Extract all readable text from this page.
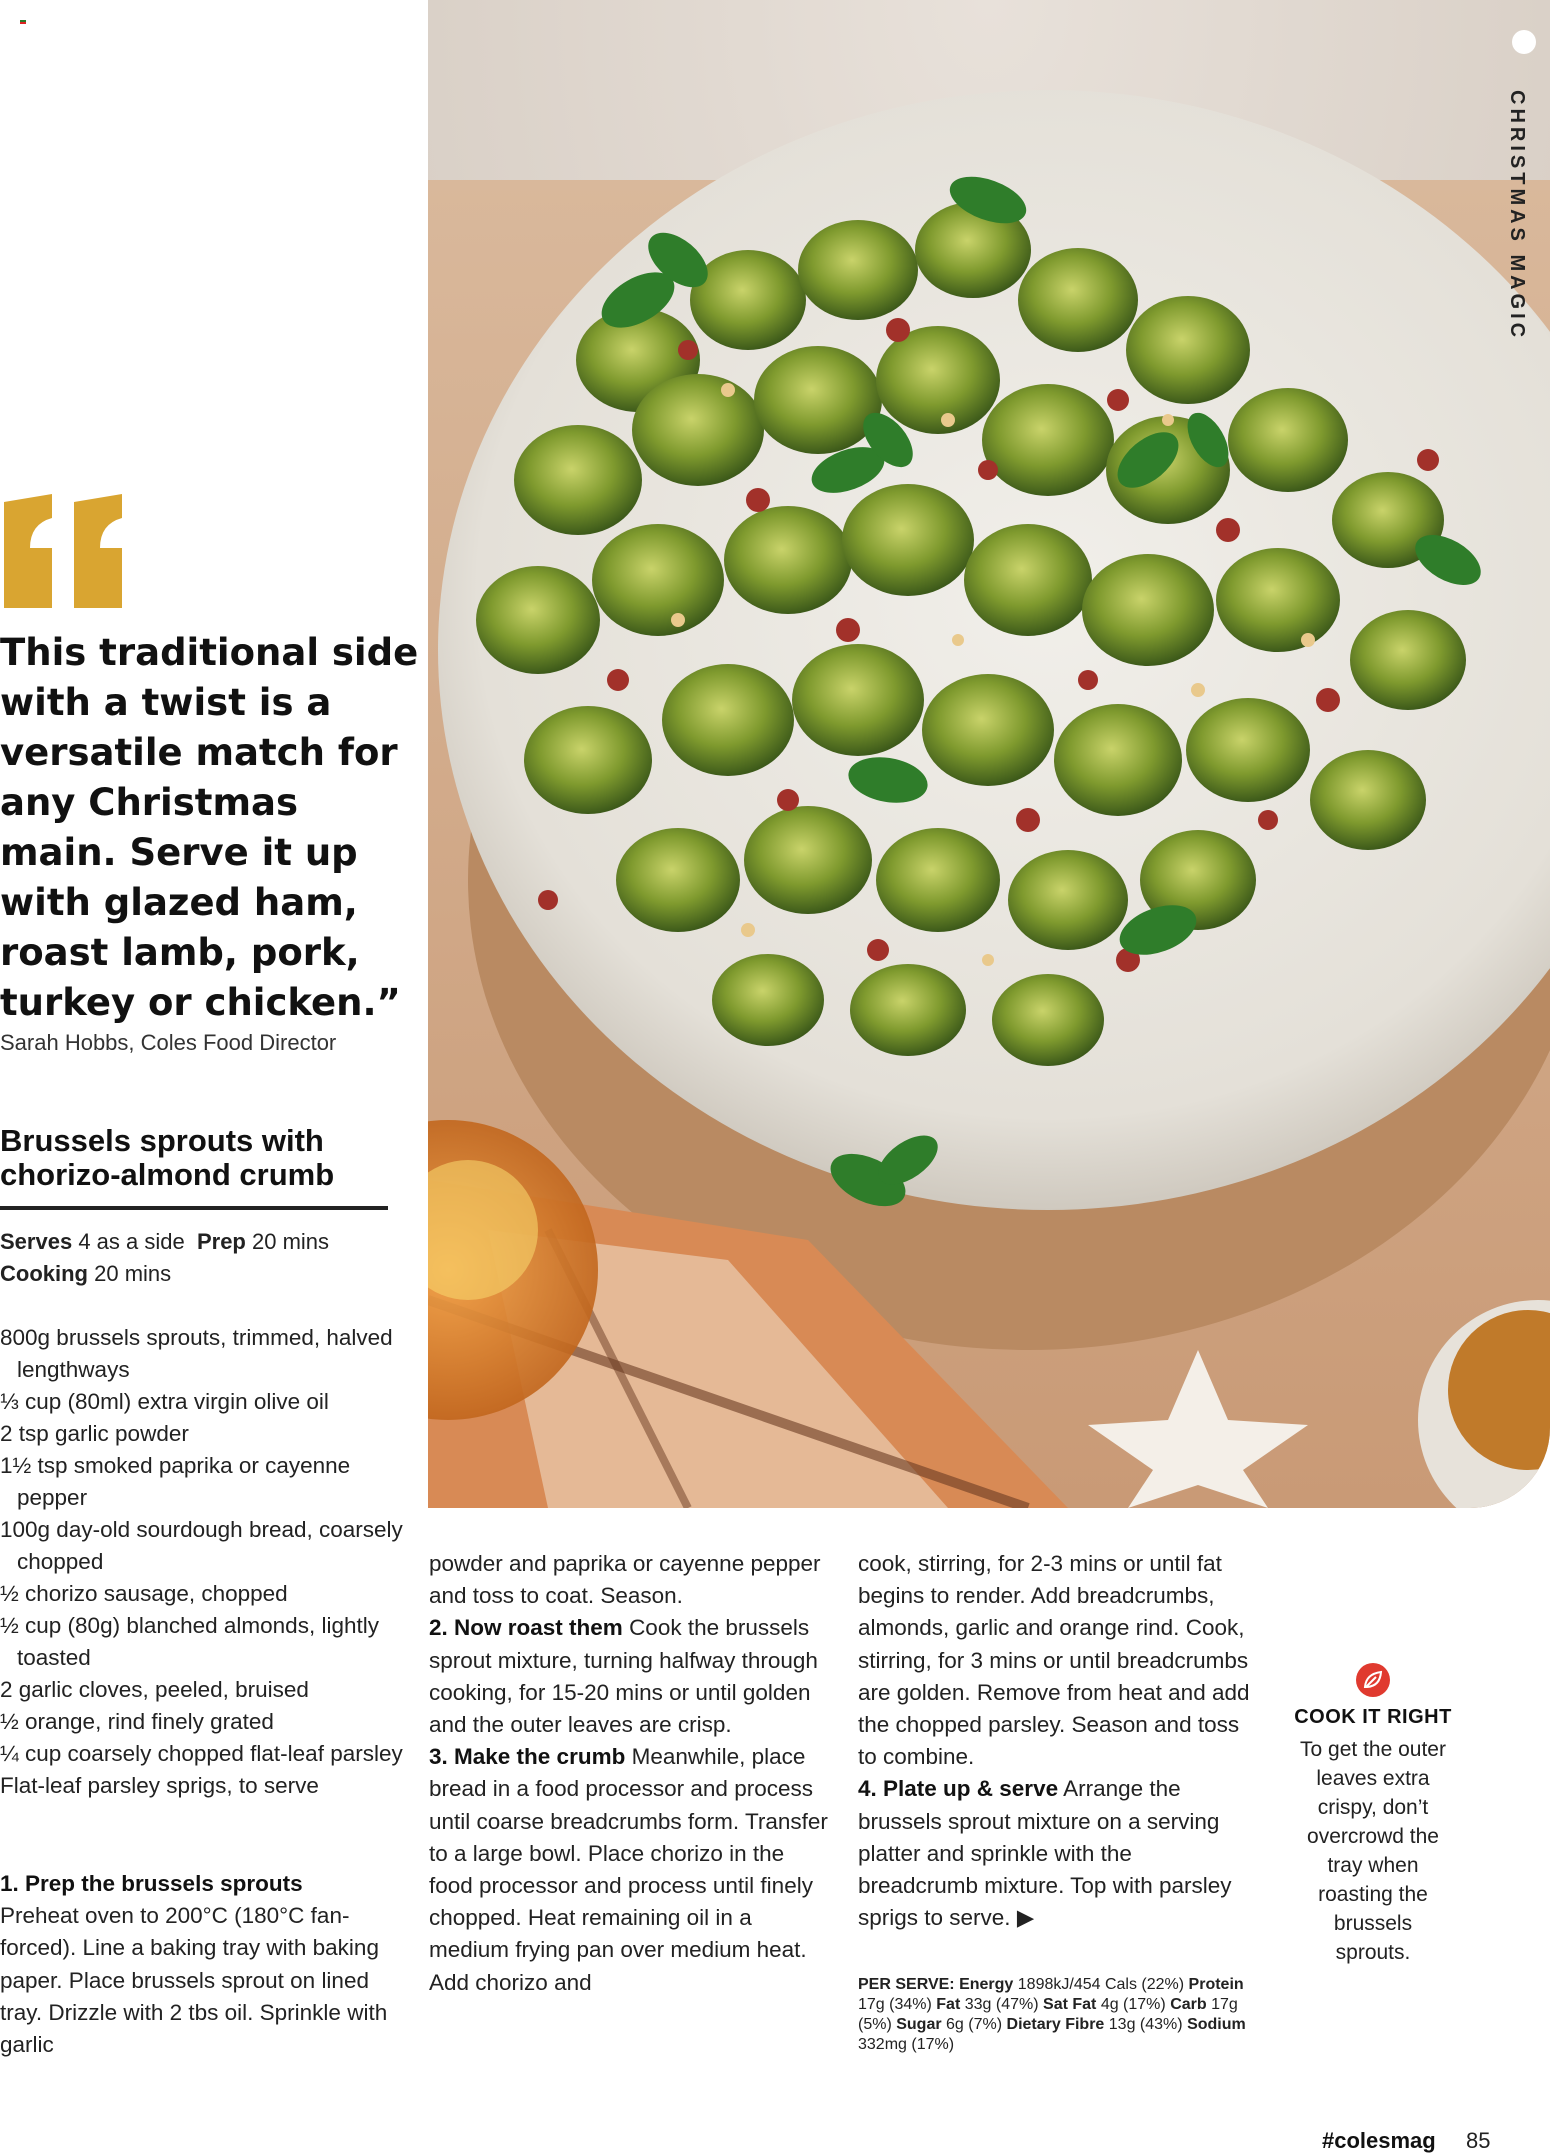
CHRISTMAS MAGIC

This traditional side with a twist is a versatile match for any Christmas main. Serve it up with glazed ham, roast lamb, pork, turkey or chicken.”

Sarah Hobbs, Coles Food Director
Brussels sprouts with chorizo-almond crumb
Serves 4 as a side Prep 20 mins
Cooking 20 mins
800g brussels sprouts, trimmed, halved lengthways
⅓ cup (80ml) extra virgin olive oil
2 tsp garlic powder
1½ tsp smoked paprika or cayenne pepper
100g day-old sourdough bread, coarsely chopped
½ chorizo sausage, chopped
½ cup (80g) blanched almonds, lightly toasted
2 garlic cloves, peeled, bruised
½ orange, rind finely grated
¼ cup coarsely chopped flat-leaf parsley
Flat-leaf parsley sprigs, to serve

1. Prep the brussels sprouts
Preheat oven to 200°C (180°C fan-forced). Line a baking tray with baking paper. Place brussels sprout on lined tray. Drizzle with 2 tbs oil. Sprinkle with garlic

powder and paprika or cayenne pepper and toss to coat. Season.

2. Now roast them Cook the brussels sprout mixture, turning halfway through cooking, for 15-20 mins or until golden and the outer leaves are crisp.

3. Make the crumb Meanwhile, place bread in a food processor and process until coarse breadcrumbs form. Transfer to a large bowl. Place chorizo in the food processor and process until finely chopped. Heat remaining oil in a medium frying pan over medium heat. Add chorizo and

cook, stirring, for 2-3 mins or until fat begins to render. Add breadcrumbs, almonds, garlic and orange rind. Cook, stirring, for 3 mins or until breadcrumbs are golden. Remove from heat and add the chopped parsley. Season and toss to combine.

4. Plate up & serve Arrange the brussels sprout mixture on a serving platter and sprinkle with the breadcrumb mixture. Top with parsley sprigs to serve. ▶

PER SERVE: Energy 1898kJ/454 Cals (22%) Protein 17g (34%) Fat 33g (47%) Sat Fat 4g (17%) Carb 17g (5%) Sugar 6g (7%) Dietary Fibre 13g (43%) Sodium 332mg (17%)
COOK IT RIGHT
To get the outer leaves extra crispy, don’t overcrowd the tray when roasting the brussels sprouts.
#colesmag 85
